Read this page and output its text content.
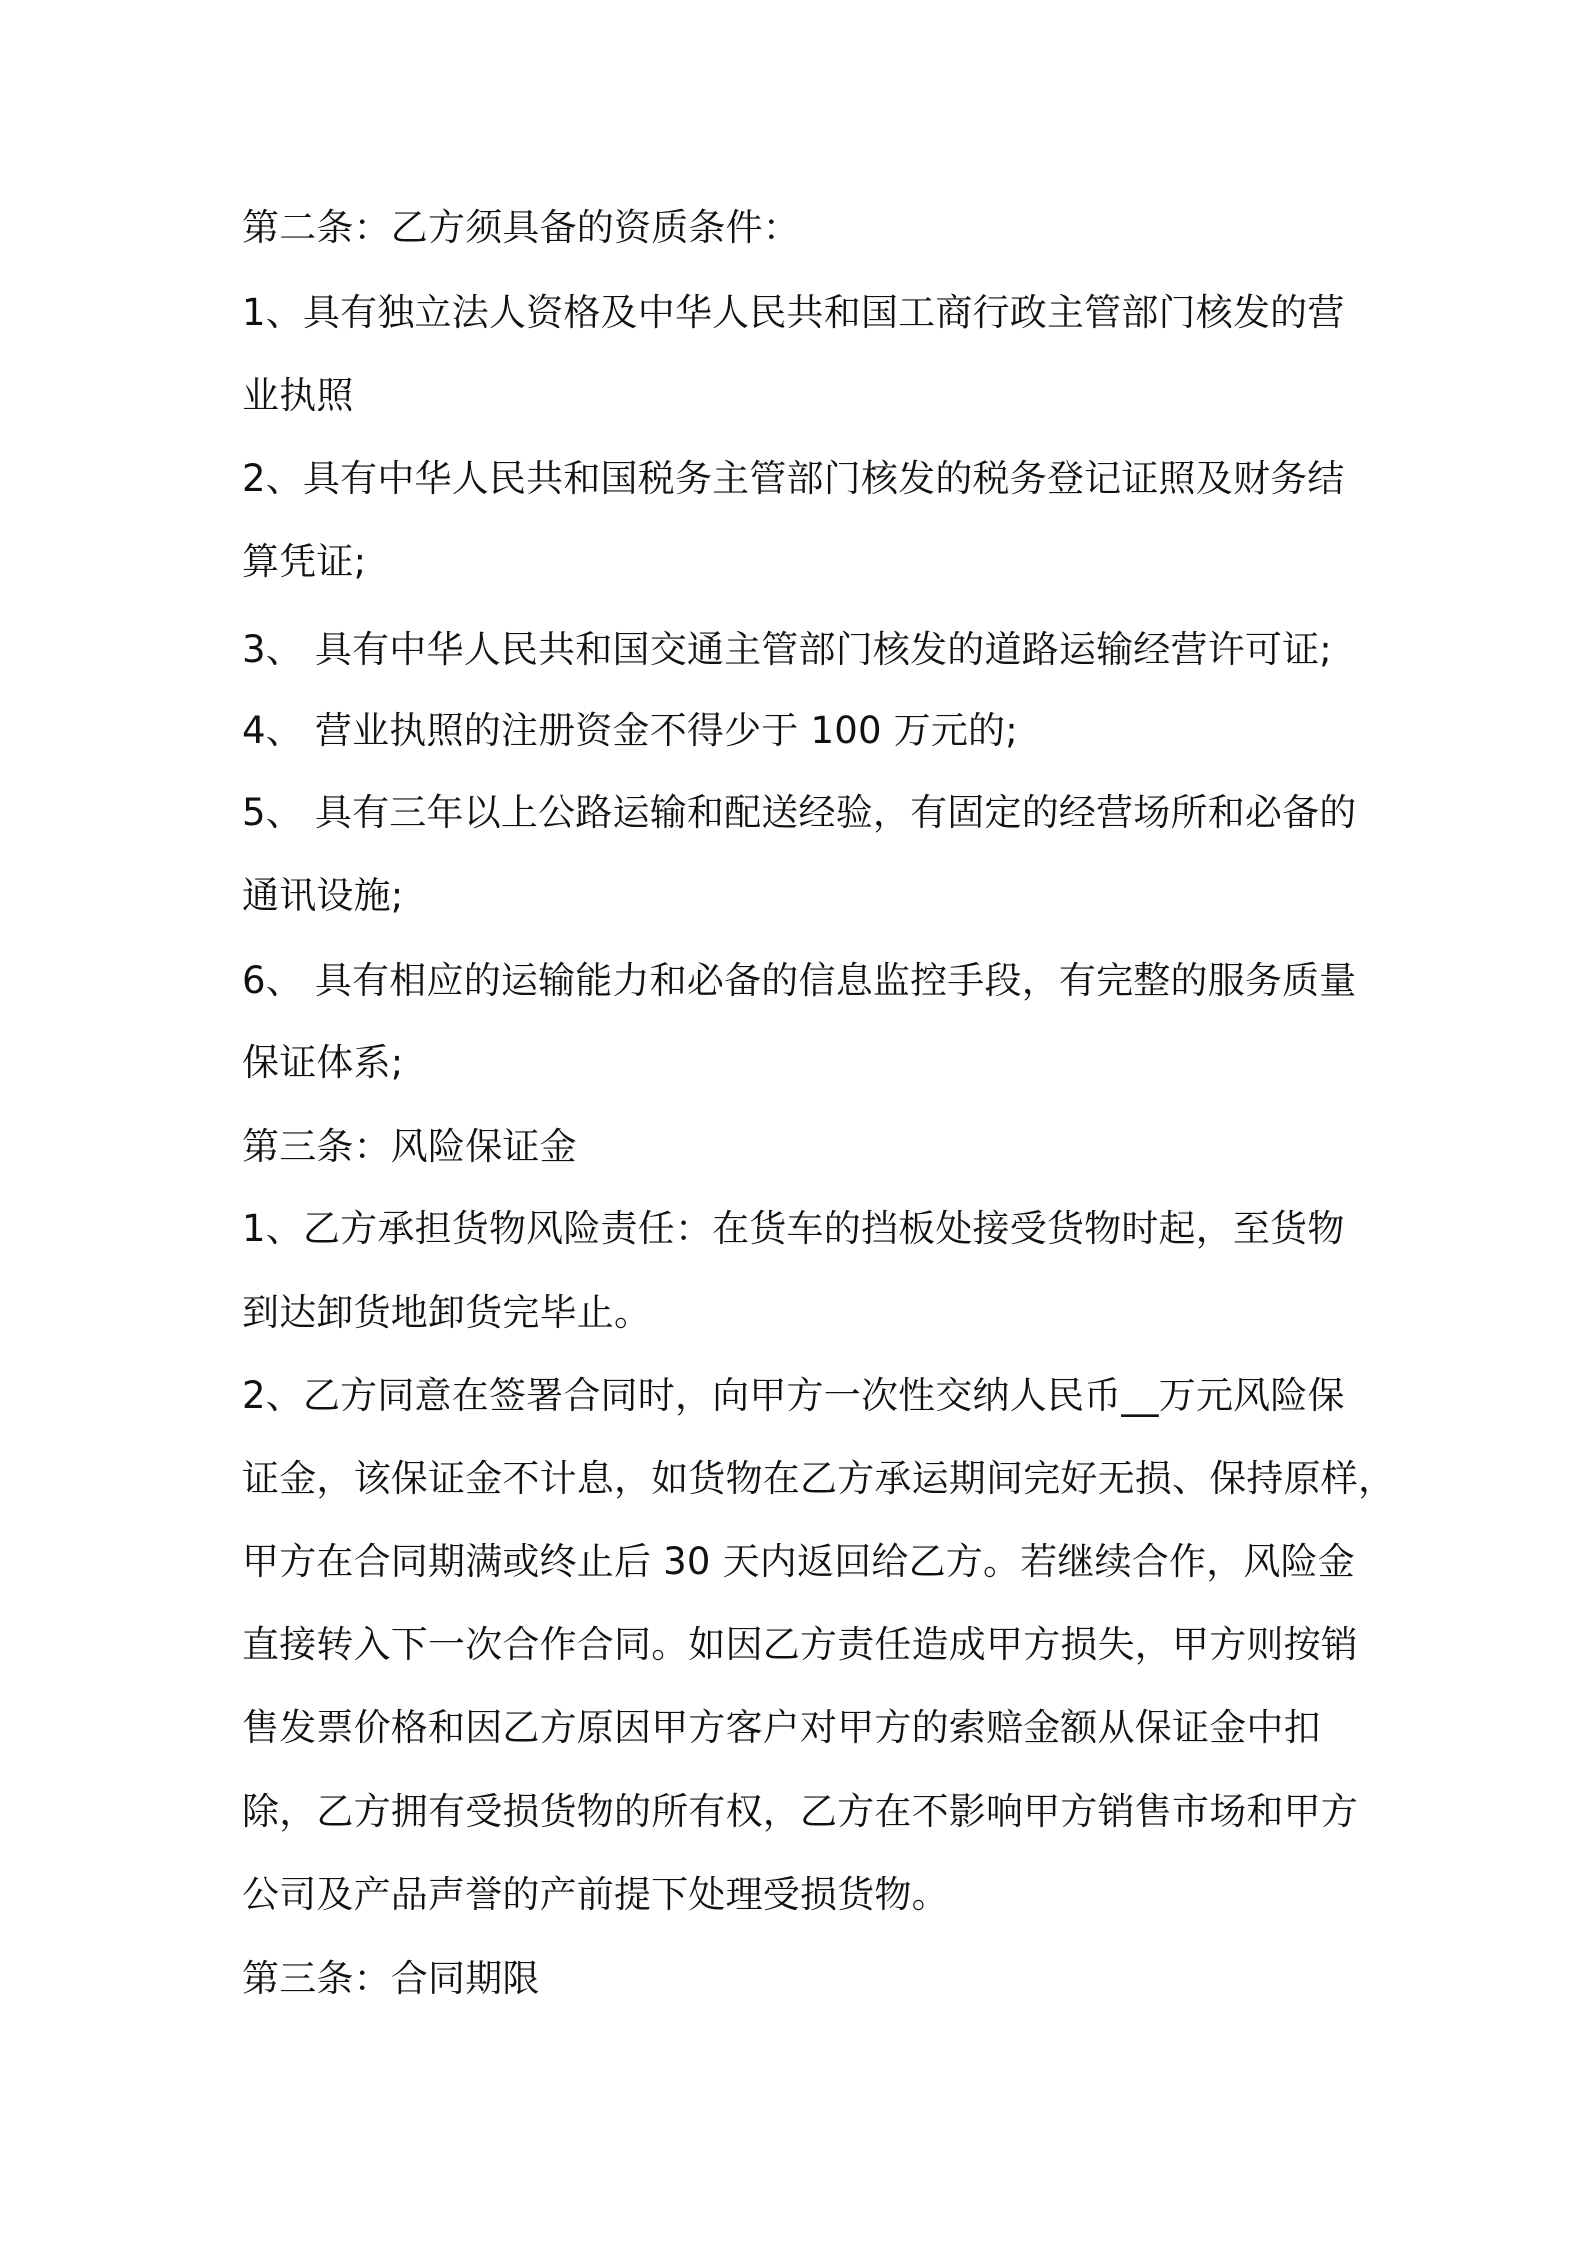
第二条：乙方须具备的资质条件：
1、具有独立法人资格及中华人民共和国工商行政主管部门核发的营
业执照
2、具有中华人民共和国税务主管部门核发的税务登记证照及财务结
算凭证;
3、 具有中华人民共和国交通主管部门核发的道路运输经营许可证;
4、 营业执照的注册资金不得少于 100 万元的;
5、 具有三年以上公路运输和配送经验，有固定的经营场所和必备的
通讯设施;
6、 具有相应的运输能力和必备的信息监控手段，有完整的服务质量
保证体系;
第三条：风险保证金
1、乙方承担货物风险责任：在货车的挡板处接受货物时起，至货物
到达卸货地卸货完毕止。
2、乙方同意在签署合同时，向甲方一次性交纳人民币__万元风险保
证金，该保证金不计息，如货物在乙方承运期间完好无损、保持原样，
甲方在合同期满或终止后 30 天内返回给乙方。若继续合作，风险金
直接转入下一次合作合同。如因乙方责任造成甲方损失，甲方则按销
售发票价格和因乙方原因甲方客户对甲方的索赔金额从保证金中扣
除，乙方拥有受损货物的所有权，乙方在不影响甲方销售市场和甲方
公司及产品声誉的产前提下处理受损货物。
第三条：合同期限
